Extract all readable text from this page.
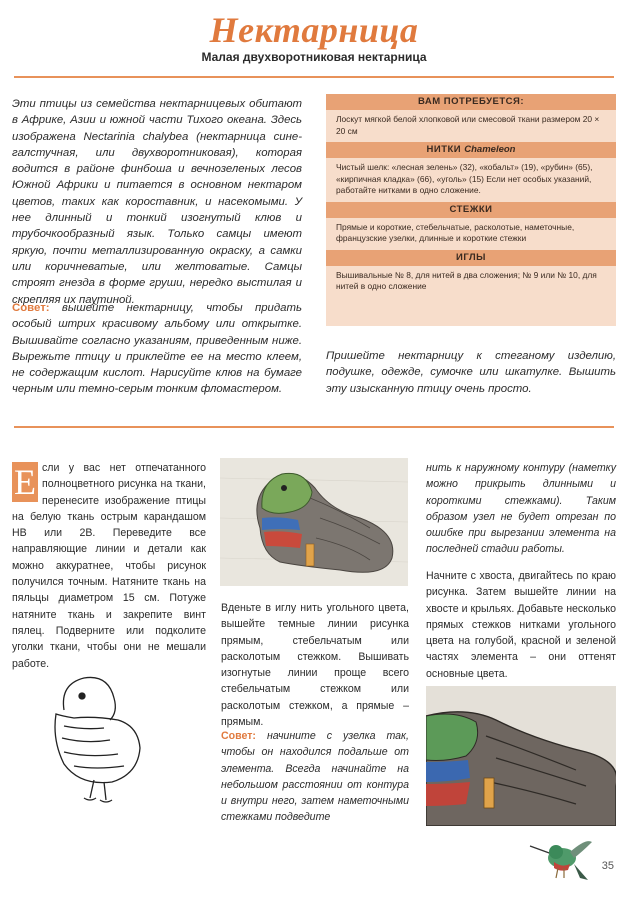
Нектарница

Малая двухворотниковая нектарница

Эти птицы из семейства нектарницевых обитают в Африке, Азии и южной части Тихого океана. Здесь изображена Nectarinia chalybea (нектарница сине-галстучная, или двухворотниковая), которая водится в районе финбоша и вечнозеленых лесов Южной Африки и питается в основном нектаром цветов, таких как короставник, и насекомыми. У нее длинный и тонкий изогнутый клюв и трубочкообразный язык. Только самцы имеют яркую, почти металлизированную окраску, а самки или коричневатые, или желтоватые. Самцы строят гнезда в форме груши, нередко выстилая и скрепляя их паутиной.

Совет: вышейте нектарницу, чтобы придать особый штрих красивому альбому или открытке. Вышивайте согласно указаниям, приведенным ниже. Вырежьте птицу и приклейте ее на место клеем, не содержащим кислот. Нарисуйте клюв на бумаге черным или темно-серым тонким фломастером.

ВАМ ПОТРЕБУЕТСЯ:

Лоскут мягкой белой хлопковой или смесовой ткани размером 20 × 20 см

НИТКИ Chameleon

Чистый шелк: «лесная зелень» (32), «кобальт» (19), «рубин» (65), «кирпичная кладка» (66), «уголь» (15) Если нет особых указаний, работайте нитками в одно сложение.

СТЕЖКИ

Прямые и короткие, стебельчатые, расколотые, наметочные, французские узелки, длинные и короткие стежки

ИГЛЫ

Вышивальные № 8, для нитей в два сложения; № 9 или № 10, для нитей в одно сложение

Пришейте нектарницу к стеганому изделию, подушке, одежде, сумочке или шкатулке. Вышить эту изысканную птицу очень просто.

Е сли у вас нет отпечатанного полноцветного рисунка на ткани, перенесите изображение птицы на белую ткань острым карандашом HB или 2B. Переведите все направляющие линии и детали как можно аккуратнее, чтобы рисунок получился точным. Натяните ткань на пяльцы диаметром 15 см. Потуже натяните ткань и закрепите винт пялец. Подверните или подколите уголки ткани, чтобы они не мешали работе.

Вденьте в иглу нить угольного цвета, вышейте темные линии рисунка прямым, стебельчатым или расколотым стежком. Вышивать изогнутые линии проще всего стебельчатым стежком или расколотым стежком, а прямые – прямым.

Совет: начините с узелка так, чтобы он находился подальше от элемента. Всегда начинайте на небольшом расстоянии от контура и внутри него, затем наметочными стежками подведите

нить к наружному контуру (наметку можно прикрыть длинными и короткими стежками). Таким образом узел не будет отрезан по ошибке при вырезании элемента на последней стадии работы.

Начните с хвоста, двигайтесь по краю рисунка. Затем вышейте линии на хвосте и крыльях. Добавьте несколько прямых стежков нитками угольного цвета на голубой, красной и зеленой частях элемента – они оттенят основные цвета.

35
